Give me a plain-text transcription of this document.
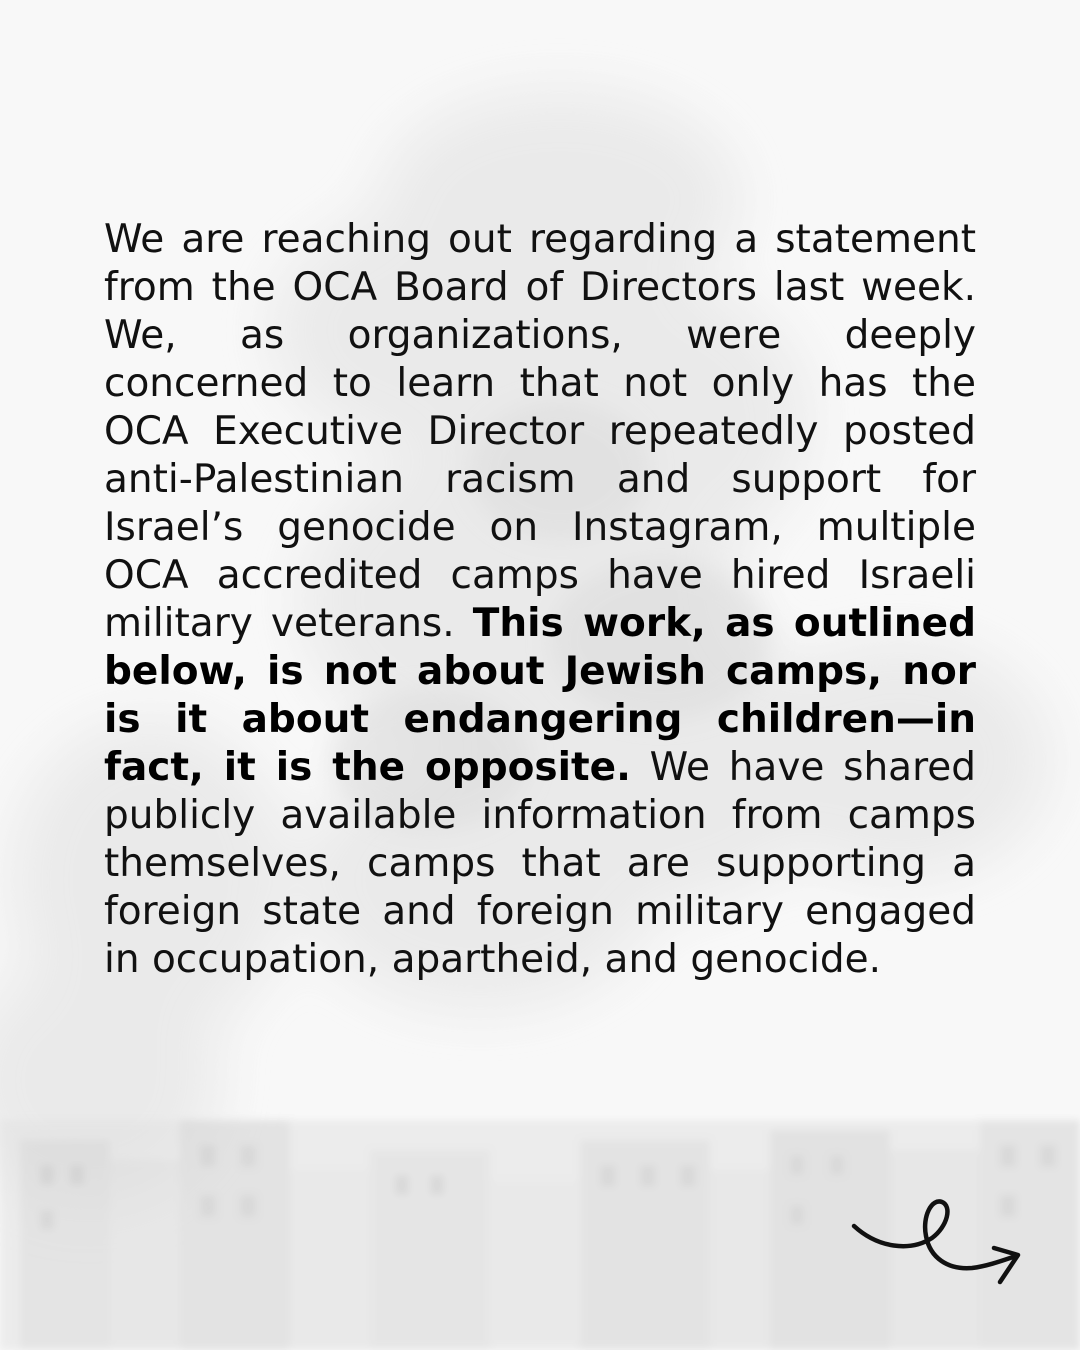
We are reaching out regarding a statement from the OCA Board of Directors last week. We, as organizations, were deeply concerned to learn that not only has the OCA Executive Director repeatedly posted anti-Palestinian racism and support for Israel’s genocide on Instagram, multiple OCA accredited camps have hired Israeli military veterans. This work, as outlined below, is not about Jewish camps, nor is it about endangering children—in fact, it is the opposite. We have shared publicly available information from camps themselves, camps that are supporting a foreign state and foreign military engaged in occupation, apartheid, and genocide.
